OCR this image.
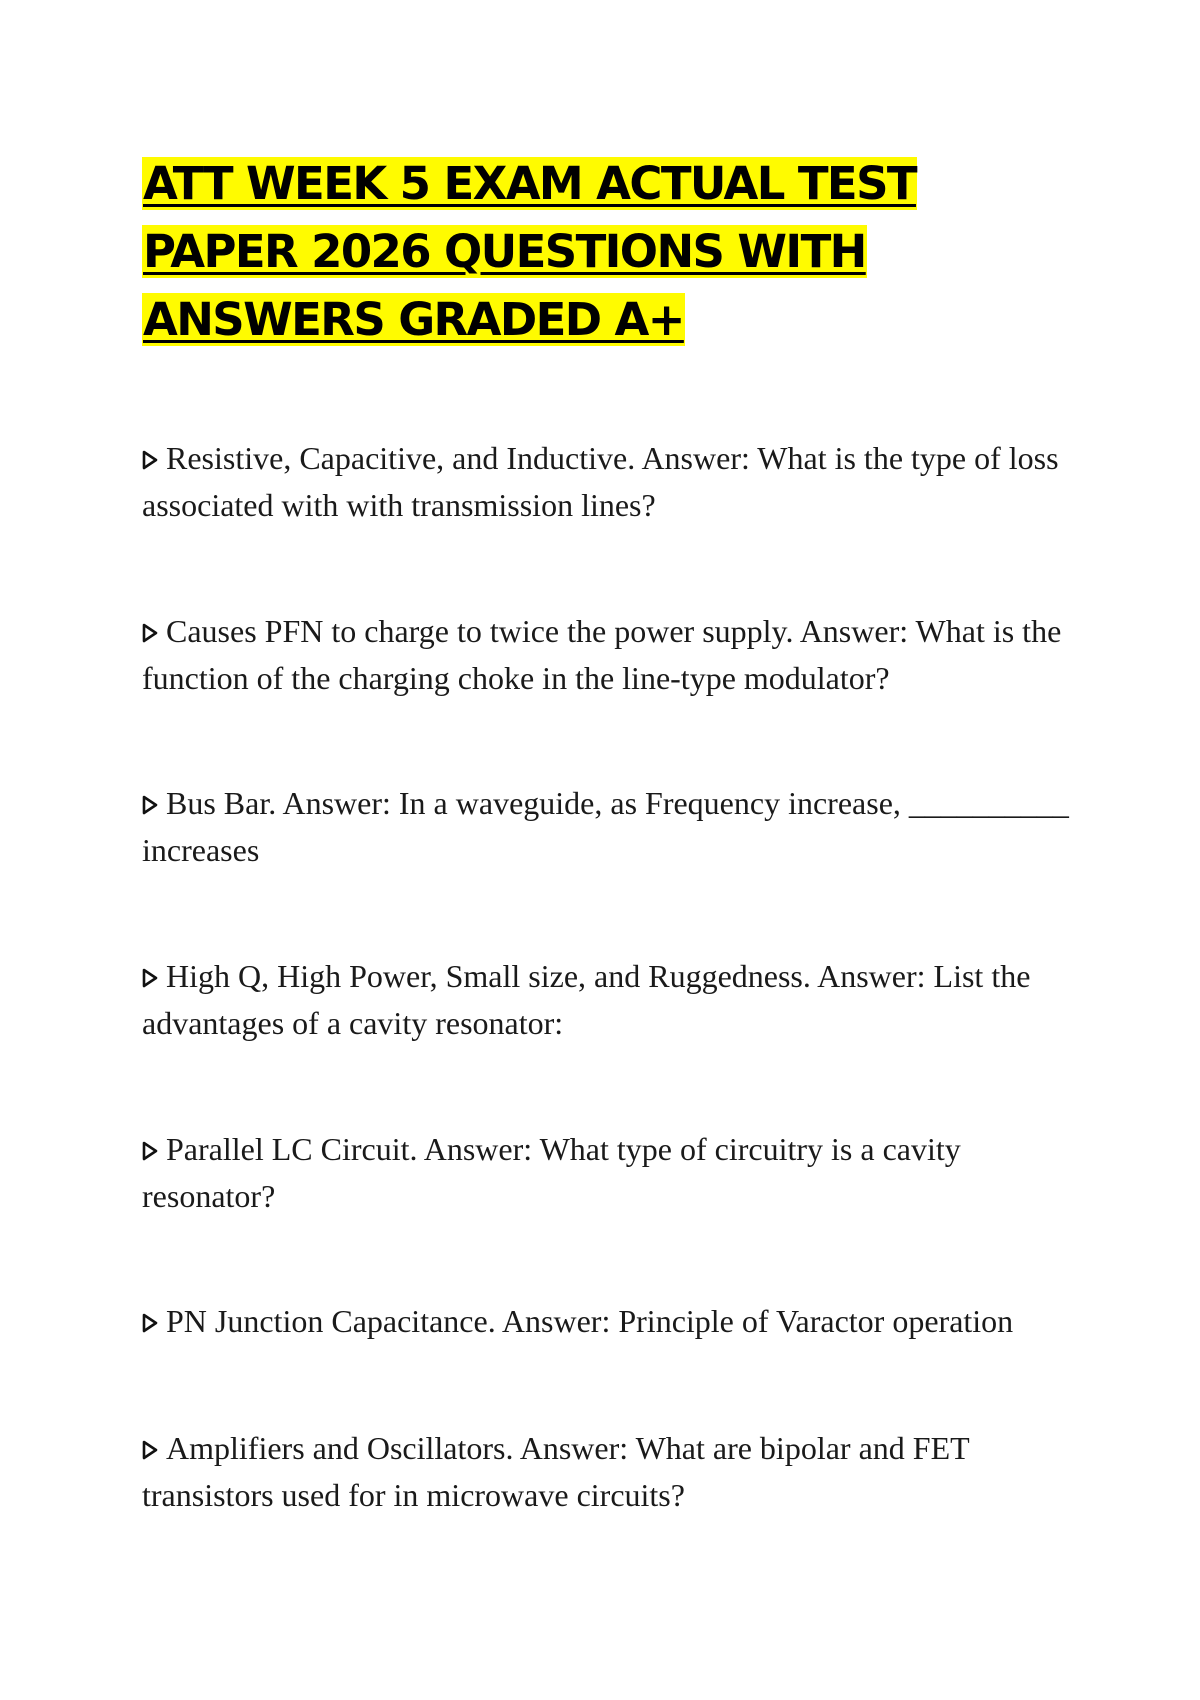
ATT WEEK 5 EXAM ACTUAL TEST PAPER 2026 QUESTIONS WITH ANSWERS GRADED A+

Resistive, Capacitive, and Inductive. Answer: What is the type of loss associated with with transmission lines?

Causes PFN to charge to twice the power supply. Answer: What is the function of the charging choke in the line-type modulator?

Bus Bar. Answer: In a waveguide, as Frequency increase, __________ increases

High Q, High Power, Small size, and Ruggedness. Answer: List the advantages of a cavity resonator:

Parallel LC Circuit. Answer: What type of circuitry is a cavity resonator?

PN Junction Capacitance. Answer: Principle of Varactor operation

Amplifiers and Oscillators. Answer: What are bipolar and FET transistors used for in microwave circuits?
